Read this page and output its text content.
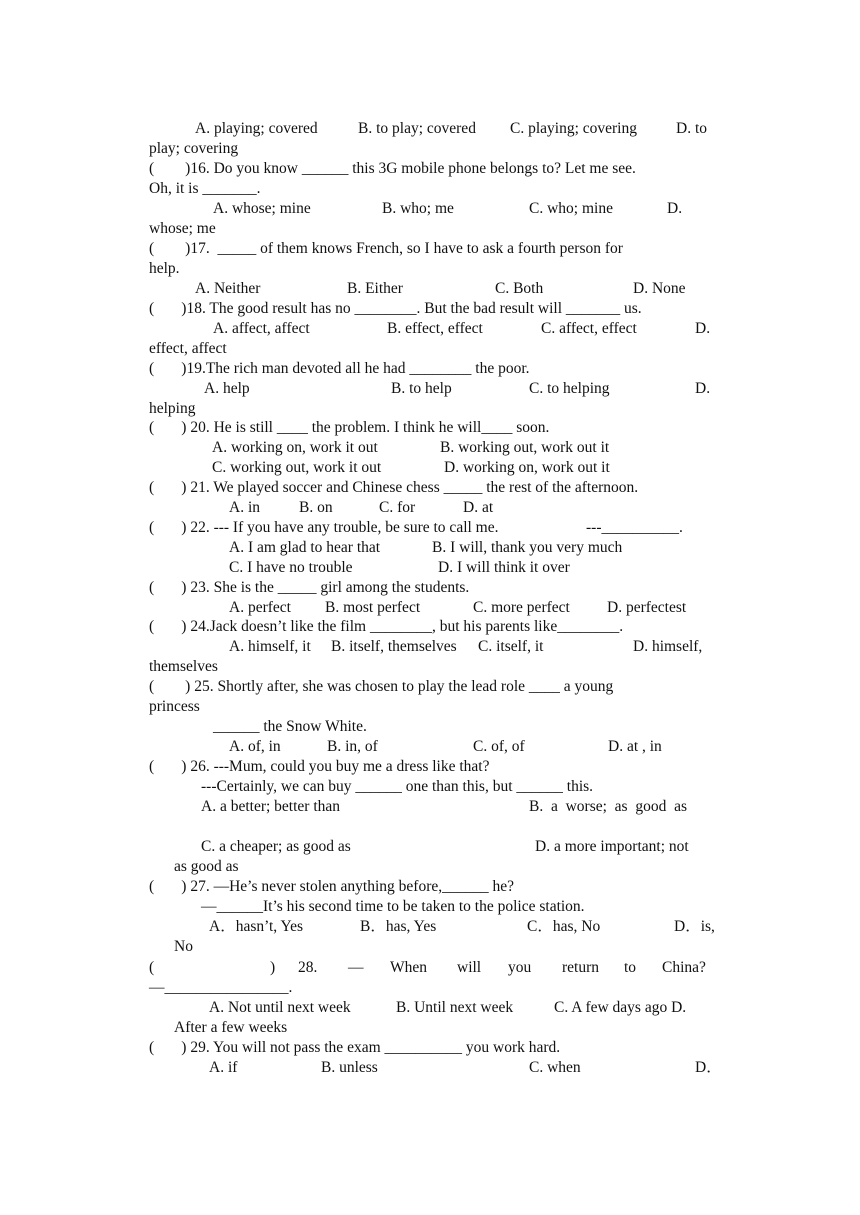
A. playing; covered

	B. to play; covered

C. playing; covering

	D. to

play; covering
(        )16. Do you know ______ this 3G mobile phone belongs to? Let me see.
Oh, it is _______.

A. whose; mine

	B. who; me

	C. who; mine

	D.

whose; me
(        )17.  _____ of them knows French, so I have to ask a fourth person for
help.

A. Neither

	B. Either

	C. Both

	D. None

(       )18. The good result has no ________. But the bad result will _______ us.

A. affect, affect

	B. effect, effect

	C. affect, effect

	D.

effect, affect
(       )19.The rich man devoted all he had ________ the poor.

A. help

	B. to help

	C. to helping

	D.

helping
(       ) 20. He is still ____ the problem. I think he will____ soon.

A. working on, work it out

	B. working out, work out it

C. working out, work it out

	D. working on, work out it

(       ) 21. We played soccer and Chinese chess _____ the rest of the afternoon.

A. in

	B. on

	C. for

	D. at

(       ) 22. --- If you have any trouble, be sure to call me.

	---__________.

A. I am glad to hear that

	B. I will, thank you very much

C. I have no trouble

	D. I will think it over

(       ) 23. She is the _____ girl among the students.

A. perfect

B. most perfect

	C. more perfect

D. perfectest

(       ) 24.Jack doesn’t like the film ________, but his parents like________.

A. himself, it

B. itself, themselves

C. itself, it

	D. himself,

themselves
(        ) 25. Shortly after, she was chosen to play the lead role ____ a young
princess

______ the Snow White.

A. of, in

	B. in, of

	C. of, of

	D. at , in

(       ) 26. ---Mum, could you buy me a dress like that?

---Certainly, we can buy ______ one than this, but ______ this.

A. a better; better than

	B.  a  worse;  as  good  as

C. a cheaper; as good as

	D. a more important; not

as good as

(       ) 27. —He’s never stolen anything before,______ he?

—______It’s his second time to be taken to the police station.

A．hasn’t, Yes

	B．has, Yes

	C．has, No

	D．is,

No

(

	)

28.

—

When

will

you

return

to

China?

—________________.

A. Not until next week

	B. Until next week

	C. A few days ago D.

After a few weeks

(       ) 29. You will not pass the exam __________ you work hard.

A. if

	B. unless

	C. when

	D．
